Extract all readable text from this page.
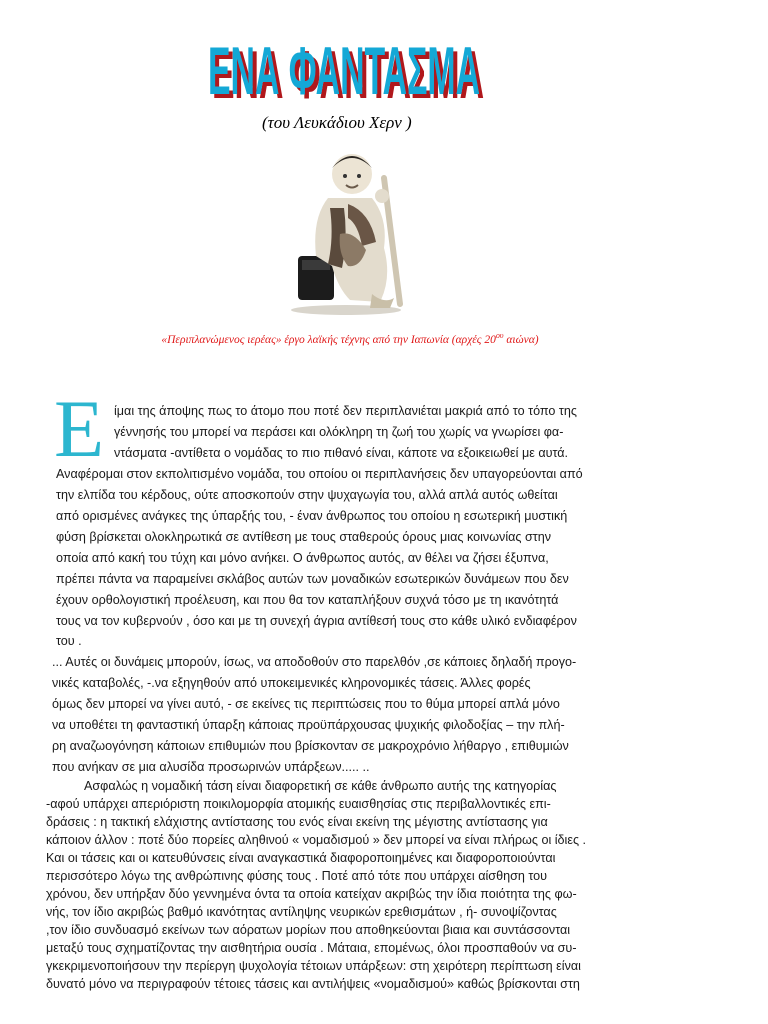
ΕΝΑ ΦΑΝΤΑΣΜΑ
ΕΝΑ ΦΑΝΤΑΣΜΑ
(του Λευκάδιου Χερν )
«Περιπλανώμενος ιερέας» έργο λαϊκής τέχνης από την Ιαπωνία (αρχές $20^{o\upsilon}$ αιώνα)
Ε ίμαι της άποψης πως το άτομο που ποτέ δεν περιπλανιέται μακριά από το τόπο της
γέννησής του μπορεί να περάσει και ολόκληρη τη ζωή του χωρίς να γνωρίσει φα-
ντάσματα -αντίθετα ο νομάδας το πιο πιθανό είναι, κάποτε να εξοικειωθεί με αυτά.
Αναφέρομαι στον εκπολιτισμένο νομάδα, του οποίου οι περιπλανήσεις δεν υπαγορεύονται από
την ελπίδα του κέρδους, ούτε αποσκοπούν στην ψυχαγωγία του, αλλά απλά αυτός ωθείται
από ορισμένες ανάγκες της ύπαρξής του, - έναν άνθρωπος του οποίου η εσωτερική μυστική
φύση βρίσκεται ολοκληρωτικά σε αντίθεση με τους σταθερούς όρους μιας κοινωνίας στην
οποία από κακή του τύχη και μόνο ανήκει. Ο άνθρωπος αυτός, αν θέλει να ζήσει έξυπνα,
πρέπει πάντα να παραμείνει σκλάβος αυτών των μοναδικών εσωτερικών δυνάμεων που δεν
έχουν ορθολογιστική προέλευση, και που θα τον καταπλήξουν συχνά τόσο με τη ικανότητά
τους να τον κυβερνούν , όσο και με τη συνεχή άγρια αντίθεσή τους στο κάθε υλικό ενδιαφέρον
του .
... Αυτές οι δυνάμεις μπορούν, ίσως, να αποδοθούν στο παρελθόν ,σε κάποιες δηλαδή προγο-
νικές καταβολές, -.να εξηγηθούν από υποκειμενικές κληρονομικές τάσεις. Άλλες φορές
όμως δεν μπορεί να γίνει αυτό, - σε εκείνες τις περιπτώσεις που το θύμα μπορεί απλά μόνο
να υποθέτει τη φανταστική ύπαρξη κάποιας προϋπάρχουσας ψυχικής φιλοδοξίας – την πλή-
ρη αναζωογόνηση κάποιων επιθυμιών που βρίσκονταν σε μακροχρόνιο λήθαργο , επιθυμιών
που ανήκαν σε μια αλυσίδα προσωρινών υπάρξεων..... ..
Ασφαλώς η νομαδική τάση είναι διαφορετική σε κάθε άνθρωπο αυτής της κατηγορίας
-αφού υπάρχει απεριόριστη ποικιλομορφία ατομικής ευαισθησίας στις περιβαλλοντικές επι-
δράσεις : η τακτική ελάχιστης αντίστασης του ενός είναι εκείνη της μέγιστης αντίστασης για
κάποιον άλλον : ποτέ δύο πορείες αληθινού « νομαδισμού » δεν μπορεί να είναι πλήρως οι ίδιες .
Και οι τάσεις και οι κατευθύνσεις είναι αναγκαστικά διαφοροποιημένες και διαφοροποιούνται
περισσότερο λόγω της ανθρώπινης φύσης τους . Ποτέ από τότε που υπάρχει αίσθηση του
χρόνου, δεν υπήρξαν δύο γεννημένα όντα τα οποία κατείχαν ακριβώς την ίδια ποιότητα της φω-
νής, τον ίδιο ακριβώς βαθμό ικανότητας αντίληψης νευρικών ερεθισμάτων , ή- συνοψίζοντας
,τον ίδιο συνδυασμό εκείνων των αόρατων μορίων που αποθηκεύονται βιαια και συντάσσονται
μεταξύ τους σχηματίζοντας την αισθητήρια ουσία . Μάταια, επομένως, όλοι προσπαθούν να συ-
γκεκριμενοποιήσουν την περίεργη ψυχολογία τέτοιων υπάρξεων: στη χειρότερη περίπτωση είναι
δυνατό μόνο να περιγραφούν τέτοιες τάσεις και αντιλήψεις «νομαδισμού» καθώς βρίσκονται στη
